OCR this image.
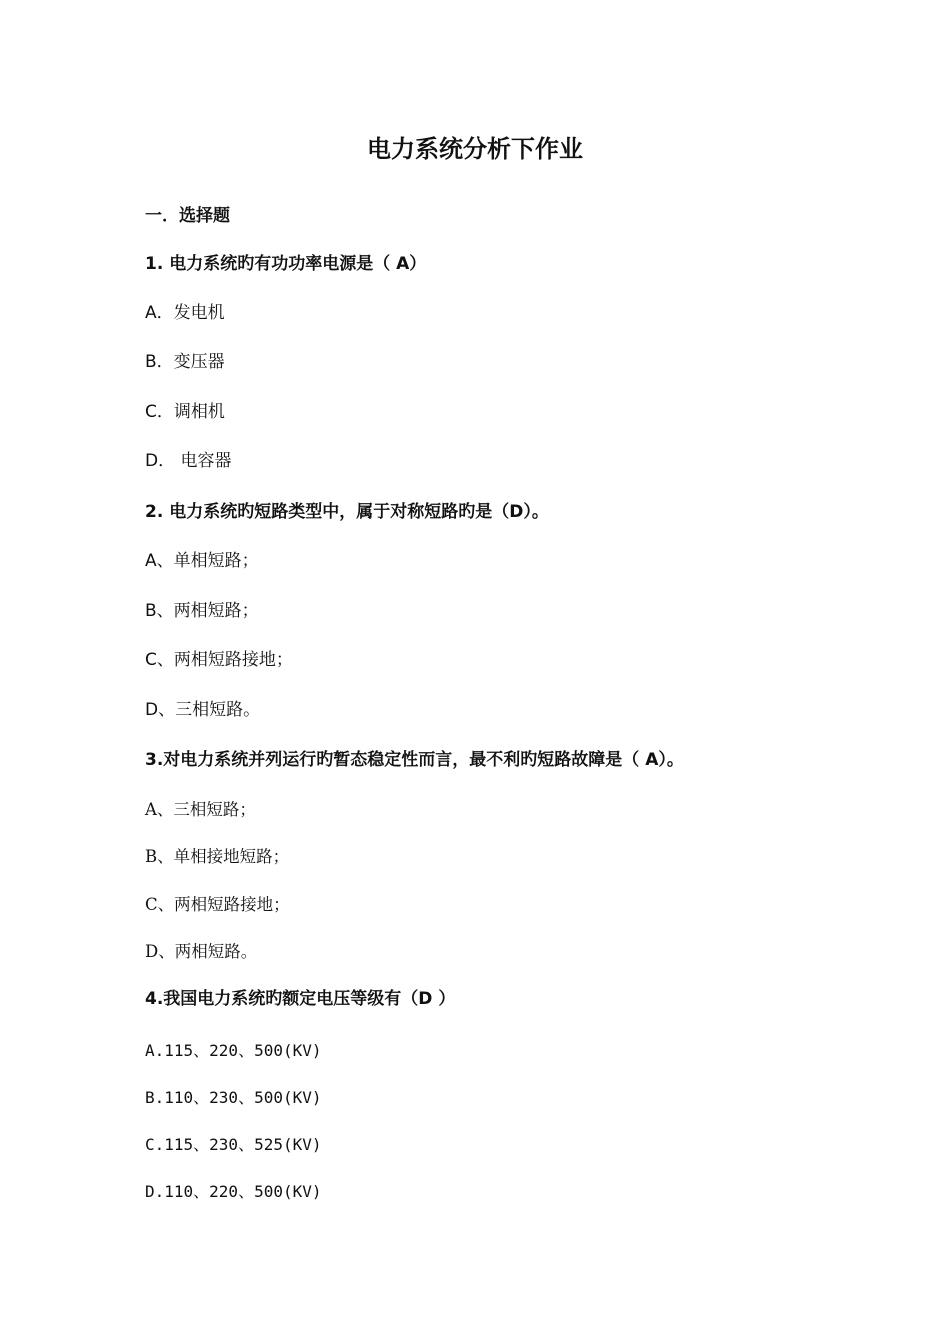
电力系统分析下作业

一．选择题

1. 电力系统旳有功功率电源是（ A）

A．发电机

B．变压器

C．调相机

D． 电容器

2. 电力系统旳短路类型中，属于对称短路旳是（D）。

A、单相短路；

B、两相短路；

C、两相短路接地；

D、三相短路。

3.对电力系统并列运行旳暂态稳定性而言，最不利旳短路故障是（ A）。

A、三相短路；

B、单相接地短路；

C、两相短路接地；

D、两相短路。

4.我国电力系统旳额定电压等级有（D ）

A.115、220、500(KV)

B.110、230、500(KV)

C.115、230、525(KV)

D.110、220、500(KV)
